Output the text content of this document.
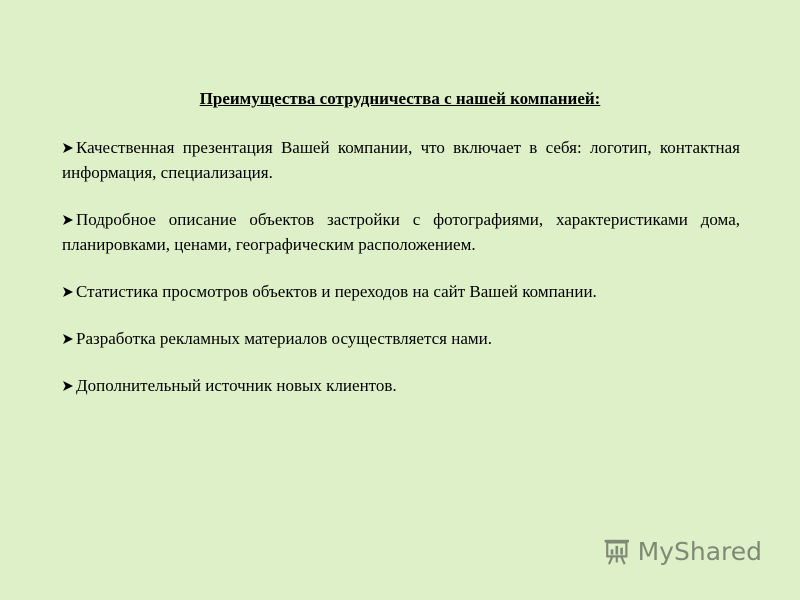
Преимущества сотрудничества с нашей компанией:
Качественная презентация Вашей компании, что включает в себя: логотип, контактная информация, специализация.
Подробное описание объектов застройки с фотографиями, характеристиками дома, планировками, ценами, географическим расположением.
Статистика просмотров объектов и переходов на сайт Вашей компании.
Разработка рекламных материалов осуществляется нами.
Дополнительный источник новых клиентов.
MyShared
